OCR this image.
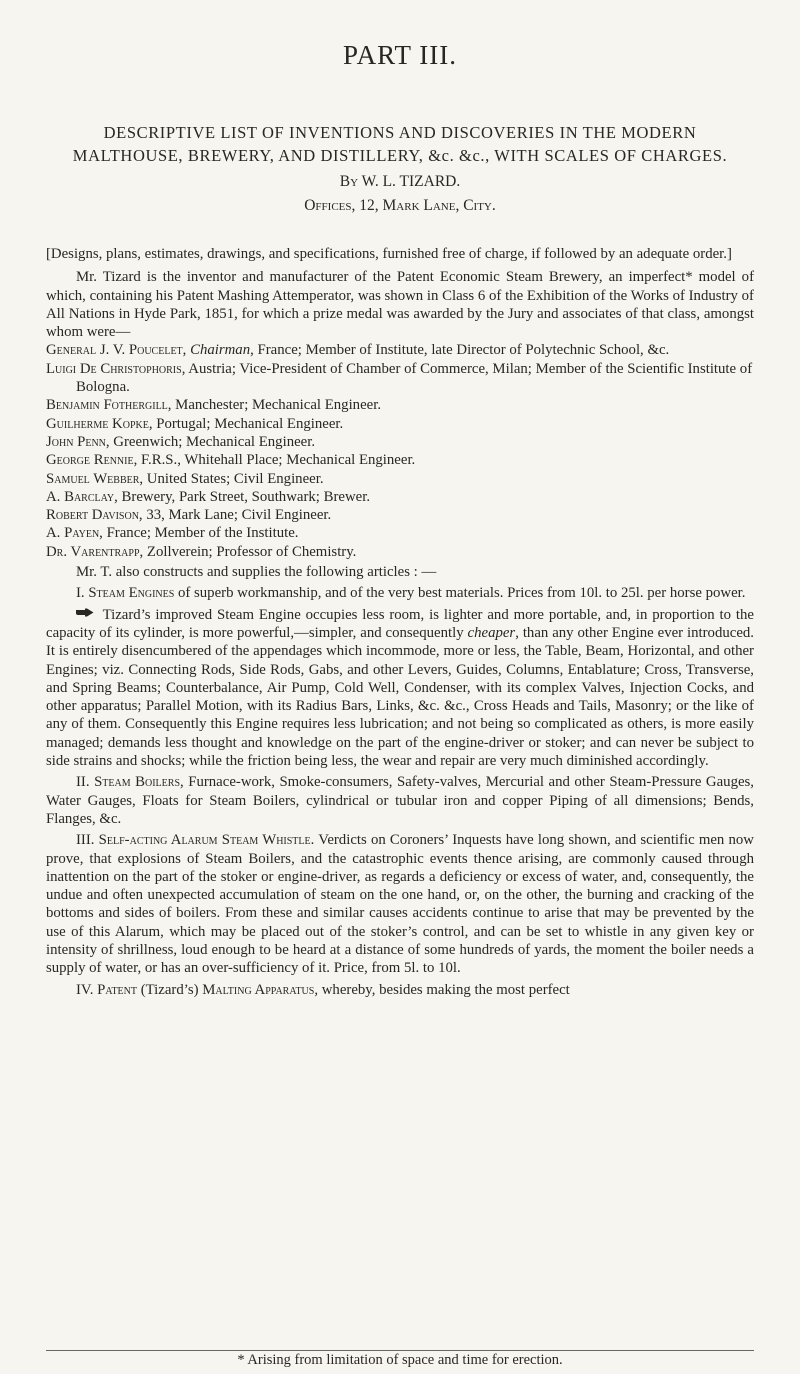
PART III.
DESCRIPTIVE LIST OF INVENTIONS AND DISCOVERIES IN THE MODERN MALTHOUSE, BREWERY, AND DISTILLERY, &c. &c., WITH SCALES OF CHARGES.
By W. L. TIZARD.
Offices, 12, Mark Lane, City.

[Designs, plans, estimates, drawings, and specifications, furnished free of charge, if followed by an adequate order.]

Mr. Tizard is the inventor and manufacturer of the Patent Economic Steam Brewery, an imperfect* model of which, containing his Patent Mashing Attemperator, was shown in Class 6 of the Exhibition of the Works of Industry of All Nations in Hyde Park, 1851, for which a prize medal was awarded by the Jury and associates of that class, amongst whom were—

General J. V. Poucelet, Chairman, France; Member of Institute, late Director of Polytechnic School, &c.
Luigi De Christophoris, Austria; Vice-President of Chamber of Commerce, Milan; Member of the Scientific Institute of Bologna.
Benjamin Fothergill, Manchester; Mechanical Engineer.
Guilherme Kopke, Portugal; Mechanical Engineer.
John Penn, Greenwich; Mechanical Engineer.
George Rennie, F.R.S., Whitehall Place; Mechanical Engineer.
Samuel Webber, United States; Civil Engineer.
A. Barclay, Brewery, Park Street, Southwark; Brewer.
Robert Davison, 33, Mark Lane; Civil Engineer.
A. Payen, France; Member of the Institute.
Dr. Varentrapp, Zollverein; Professor of Chemistry.

Mr. T. also constructs and supplies the following articles : —

I. Steam Engines of superb workmanship, and of the very best materials. Prices from 10l. to 25l. per horse power.

Tizard’s improved Steam Engine occupies less room, is lighter and more portable, and, in proportion to the capacity of its cylinder, is more powerful,—simpler, and consequently cheaper, than any other Engine ever introduced. It is entirely disencumbered of the appendages which incommode, more or less, the Table, Beam, Horizontal, and other Engines; viz. Connecting Rods, Side Rods, Gabs, and other Levers, Guides, Columns, Entablature; Cross, Transverse, and Spring Beams; Counterbalance, Air Pump, Cold Well, Condenser, with its complex Valves, Injection Cocks, and other apparatus; Parallel Motion, with its Radius Bars, Links, &c. &c., Cross Heads and Tails, Masonry; or the like of any of them. Consequently this Engine requires less lubrication; and not being so complicated as others, is more easily managed; demands less thought and knowledge on the part of the engine-driver or stoker; and can never be subject to side strains and shocks; while the friction being less, the wear and repair are very much diminished accordingly.

II. Steam Boilers, Furnace-work, Smoke-consumers, Safety-valves, Mercurial and other Steam-Pressure Gauges, Water Gauges, Floats for Steam Boilers, cylindrical or tubular iron and copper Piping of all dimensions; Bends, Flanges, &c.

III. Self-acting Alarum Steam Whistle. Verdicts on Coroners’ Inquests have long shown, and scientific men now prove, that explosions of Steam Boilers, and the catastrophic events thence arising, are commonly caused through inattention on the part of the stoker or engine-driver, as regards a deficiency or excess of water, and, consequently, the undue and often unexpected accumulation of steam on the one hand, or, on the other, the burning and cracking of the bottoms and sides of boilers. From these and similar causes accidents continue to arise that may be prevented by the use of this Alarum, which may be placed out of the stoker’s control, and can be set to whistle in any given key or intensity of shrillness, loud enough to be heard at a distance of some hundreds of yards, the moment the boiler needs a supply of water, or has an over-sufficiency of it. Price, from 5l. to 10l.

IV. Patent (Tizard’s) Malting Apparatus, whereby, besides making the most perfect

* Arising from limitation of space and time for erection.
